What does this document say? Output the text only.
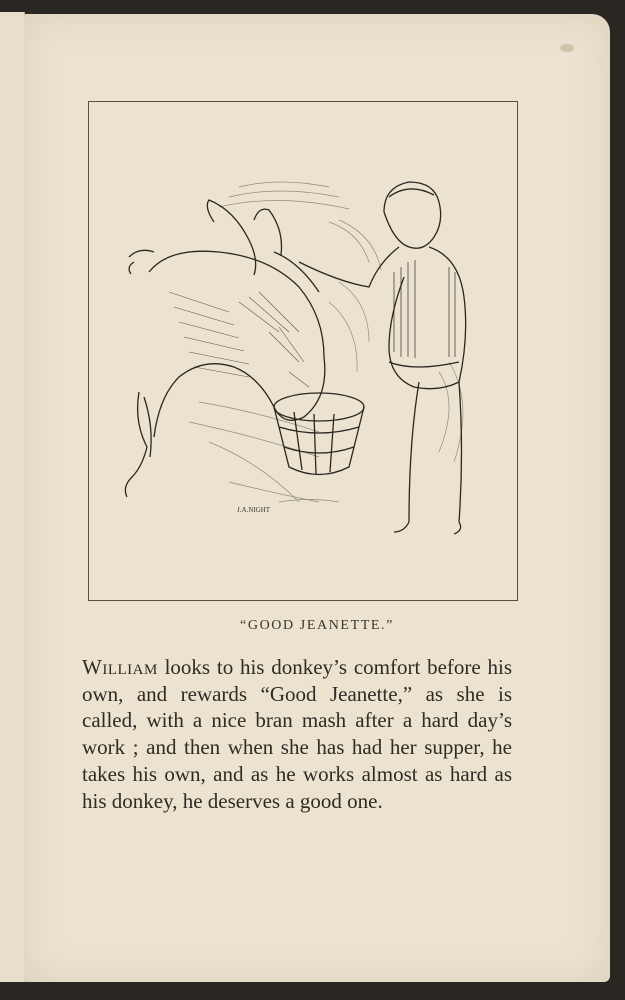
J.A.NIGHT
“GOOD JEANETTE.”

William looks to his donkey’s comfort before his own, and rewards “Good Jeanette,” as she is called, with a nice bran mash after a hard day’s work ; and then when she has had her supper, he takes his own, and as he works almost as hard as his donkey, he deserves a good one.
